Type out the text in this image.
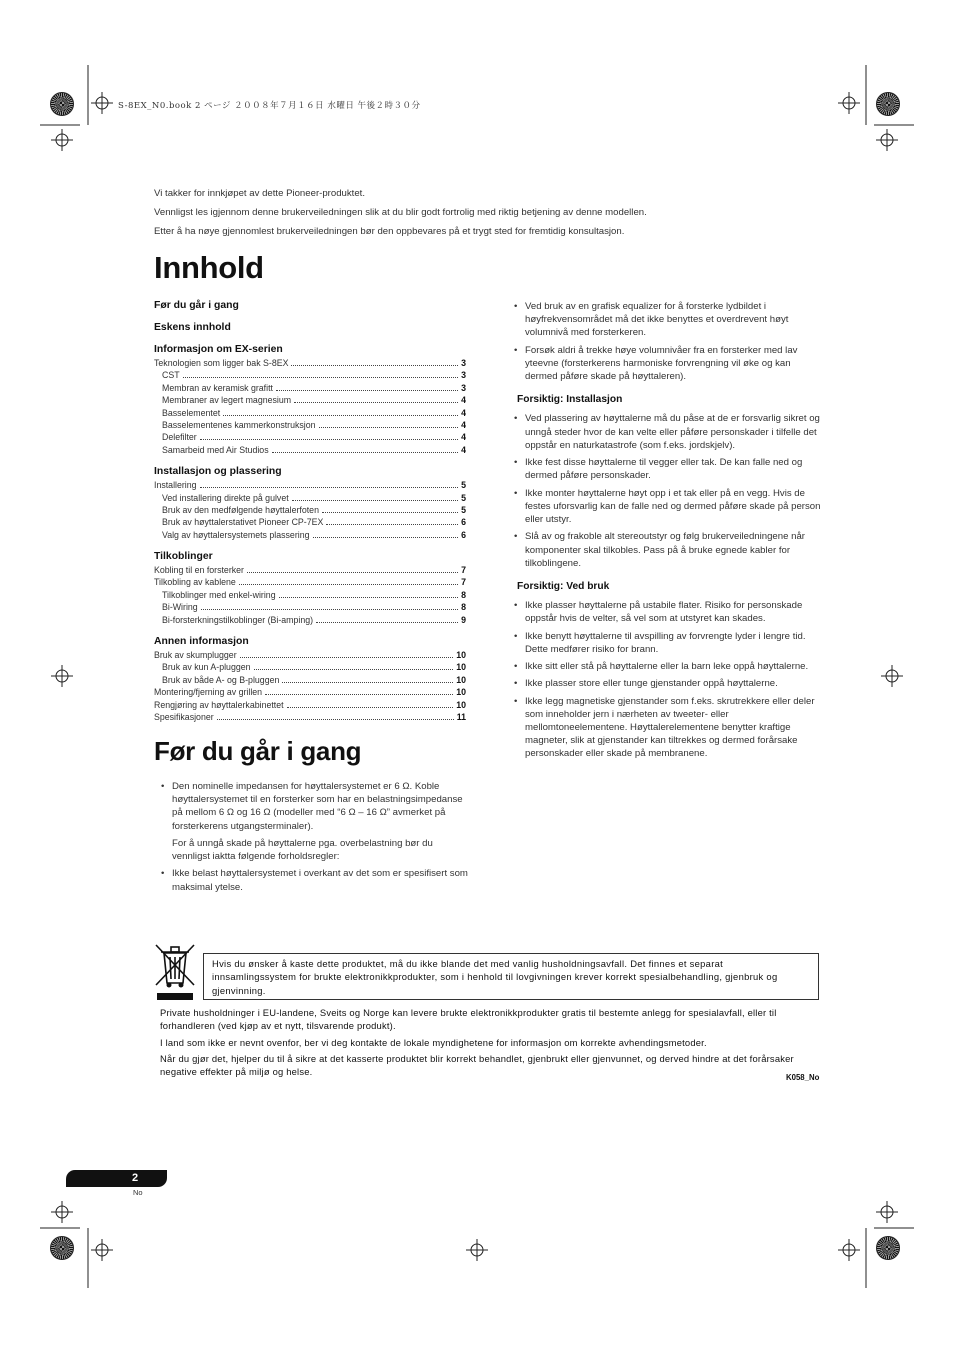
S-8EX_N0.book 2 ページ ２００８年７月１６日 水曜日 午後２時３０分

Vi takker for innkjøpet av dette Pioneer-produktet.

Vennligst les igjennom denne brukerveiledningen slik at du blir godt fortrolig med riktig betjening av denne modellen.

Etter å ha nøye gjennomlest brukerveiledningen bør den oppbevares på et trygt sted for fremtidig konsultasjon.

Innhold
Før du går i gang
Eskens innhold
Informasjon om EX-serien
Teknologien som ligger bak S-8EX	3
CST	3
Membran av keramisk grafitt	3
Membraner av legert magnesium	4
Basselementet	4
Basselementenes kammerkonstruksjon	4
Delefilter	4
Samarbeid med Air Studios	4
Installasjon og plassering
Installering	5
Ved installering direkte på gulvet	5
Bruk av den medfølgende høyttalerfoten	5
Bruk av høyttalerstativet Pioneer CP-7EX	6
Valg av høyttalersystemets plassering	6
Tilkoblinger
Kobling til en forsterker	7
Tilkobling av kablene	7
Tilkoblinger med enkel-wiring	8
Bi-Wiring	8
Bi-forsterkningstilkoblinger (Bi-amping)	9
Annen informasjon
Bruk av skumplugger	10
Bruk av kun A-pluggen	10
Bruk av både A- og B-pluggen	10
Montering/fjerning av grillen	10
Rengjøring av høyttalerkabinettet	10
Spesifikasjoner	11
Før du går i gang
• Den nominelle impedansen for høyttalersystemet er 6 Ω. Koble høyttalersystemet til en forsterker som har en belastningsimpedanse på mellom 6 Ω og 16 Ω (modeller med “6 Ω – 16 Ω” avmerket på forsterkerens utgangsterminaler).
For å unngå skade på høyttalerne pga. overbelastning bør du vennligst iaktta følgende forholdsregler:
• Ikke belast høyttalersystemet i overkant av det som er spesifisert som maksimal ytelse.
• Ved bruk av en grafisk equalizer for å forsterke lydbildet i høyfrekvensområdet må det ikke benyttes et overdrevent høyt volumnivå med forsterkeren.
• Forsøk aldri å trekke høye volumnivåer fra en forsterker med lav yteevne (forsterkerens harmoniske forvrengning vil øke og kan dermed påføre skade på høyttaleren).
Forsiktig: Installasjon
• Ved plassering av høyttalerne må du påse at de er forsvarlig sikret og unngå steder hvor de kan velte eller påføre personskader i tilfelle det oppstår en naturkatastrofe (som f.eks. jordskjelv).
• Ikke fest disse høyttalerne til vegger eller tak. De kan falle ned og dermed påføre personskader.
• Ikke monter høyttalerne høyt opp i et tak eller på en vegg. Hvis de festes uforsvarlig kan de falle ned og dermed påføre skade på person eller utstyr.
• Slå av og frakoble alt stereoutstyr og følg brukerveiledningene når komponenter skal tilkobles. Pass på å bruke egnede kabler for tilkoblingene.
Forsiktig: Ved bruk
• Ikke plasser høyttalerne på ustabile flater. Risiko for personskade oppstår hvis de velter, så vel som at utstyret kan skades.
• Ikke benytt høyttalerne til avspilling av forvrengte lyder i lengre tid. Dette medfører risiko for brann.
• Ikke sitt eller stå på høyttalerne eller la barn leke oppå høyttalerne.
• Ikke plasser store eller tunge gjenstander oppå høyttalerne.
• Ikke legg magnetiske gjenstander som f.eks. skrutrekkere eller deler som inneholder jern i nærheten av tweeter- eller mellomtoneelementene. Høyttalerelementene benytter kraftige magneter, slik at gjenstander kan tiltrekkes og dermed forårsake personskader eller skade på membranene.
Hvis du ønsker å kaste dette produktet, må du ikke blande det med vanlig husholdningsavfall. Det finnes et separat innsamlingssystem for brukte elektronikkprodukter, som i henhold til lovgivningen krever korrekt spesialbehandling, gjenbruk og gjenvinning.

Private husholdninger i EU-landene, Sveits og Norge kan levere brukte elektronikkprodukter gratis til bestemte anlegg for spesialavfall, eller til forhandleren (ved kjøp av et nytt, tilsvarende produkt).

I land som ikke er nevnt ovenfor, ber vi deg kontakte de lokale myndighetene for informasjon om korrekte avhendingsmetoder.

Når du gjør det, hjelper du til å sikre at det kasserte produktet blir korrekt behandlet, gjenbrukt eller gjenvunnet, og derved hindre at det forårsaker negative effekter på miljø og helse.

K058_No
2
No
